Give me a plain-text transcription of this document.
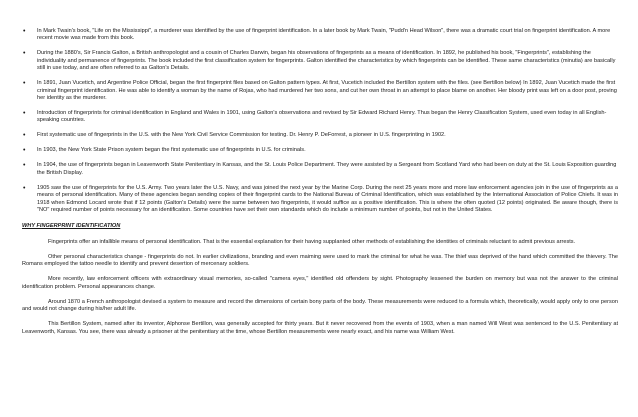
• In Mark Twain's book, "Life on the Mississippi", a murderer was identified by the use of fingerprint identification. In a later book by Mark Twain, "Pudd'n Head Wilson", there was a dramatic court trial on fingerprint identification. A more recent movie was made from this book.
• During the 1880's, Sir Francis Galton, a British anthropologist and a cousin of Charles Darwin, began his observations of fingerprints as a means of identification. In 1892, he published his book, "Fingerprints", establishing the individuality and permanence of fingerprints. The book included the first classification system for fingerprints. Galton identified the characteristics by which fingerprints can be identified. These same characteristics (minutia) are basically still in use today, and are often referred to as Galton's Details.
• In 1891, Juan Vucetich, and Argentine Police Official, began the first fingerprint files based on Galton pattern types. At first, Vucetich included the Bertillon system with the files. (see Bertillon below) In 1892, Juan Vucetich made the first criminal fingerprint identification. He was able to identify a woman by the name of Rojas, who had murdered her two sons, and cut her own throat in an attempt to place blame on another. Her bloody print was left on a door post, proving her identity as the murderer.
• Introduction of fingerprints for criminal identification in England and Wales in 1901, using Galton's observations and revised by Sir Edward Richard Henry. Thus began the Henry Classification System, used even today in all English-speaking countries.
• First systematic use of fingerprints in the U.S. with the New York Civil Service Commission for testing. Dr. Henry P. DeForrest, a pioneer in U.S. fingerprinting in 1902.
• In 1903, the New York State Prison system began the first systematic use of fingerprints in U.S. for criminals.
• In 1904, the use of fingerprints began in Leavenworth State Penitentiary in Kansas, and the St. Louis Police Department. They were assisted by a Sergeant from Scotland Yard who had been on duty at the St. Louis Exposition guarding the British Display.
• 1905 saw the use of fingerprints for the U.S. Army. Two years later the U.S. Navy, and was joined the next year by the Marine Corp. During the next 25 years more and more law enforcement agencies join in the use of fingerprints as a means of personal identification. Many of these agencies began sending copies of their fingerprint cards to the National Bureau of Criminal Identification, which was established by the International Association of Police Chiefs. It was in 1918 when Edmond Locard wrote that if 12 points (Galton's Details) were the same between two fingerprints, it would suffice as a positive identification. This is where the often quoted (12 points) originated. Be aware though, there is "NO" required number of points necessary for an identification. Some countries have set their own standards which do include a minimum number of points, but not in the United States.
WHY FINGERPRINT IDENTIFICATION

Fingerprints offer an infallible means of personal identification. That is the essential explanation for their having supplanted other methods of establishing the identities of criminals reluctant to admit previous arrests.

Other personal characteristics change - fingerprints do not. In earlier civilizations, branding and even maiming were used to mark the criminal for what he was. The thief was deprived of the hand which committed the thievery. The Romans employed the tattoo needle to identify and prevent desertion of mercenary soldiers.

More recently, law enforcement officers with extraordinary visual memories, so-called "camera eyes," identified old offenders by sight. Photography lessened the burden on memory but was not the answer to the criminal identification problem. Personal appearances change.

Around 1870 a French anthropologist devised a system to measure and record the dimensions of certain bony parts of the body. These measurements were reduced to a formula which, theoretically, would apply only to one person and would not change during his/her adult life.

This Bertillon System, named after its inventor, Alphonse Bertillon, was generally accepted for thirty years. But it never recovered from the events of 1903, when a man named Will West was sentenced to the U.S. Penitentiary at Leavenworth, Kansas. You see, there was already a prisoner at the penitentiary at the time, whose Bertillon measurements were nearly exact, and his name was William West.
